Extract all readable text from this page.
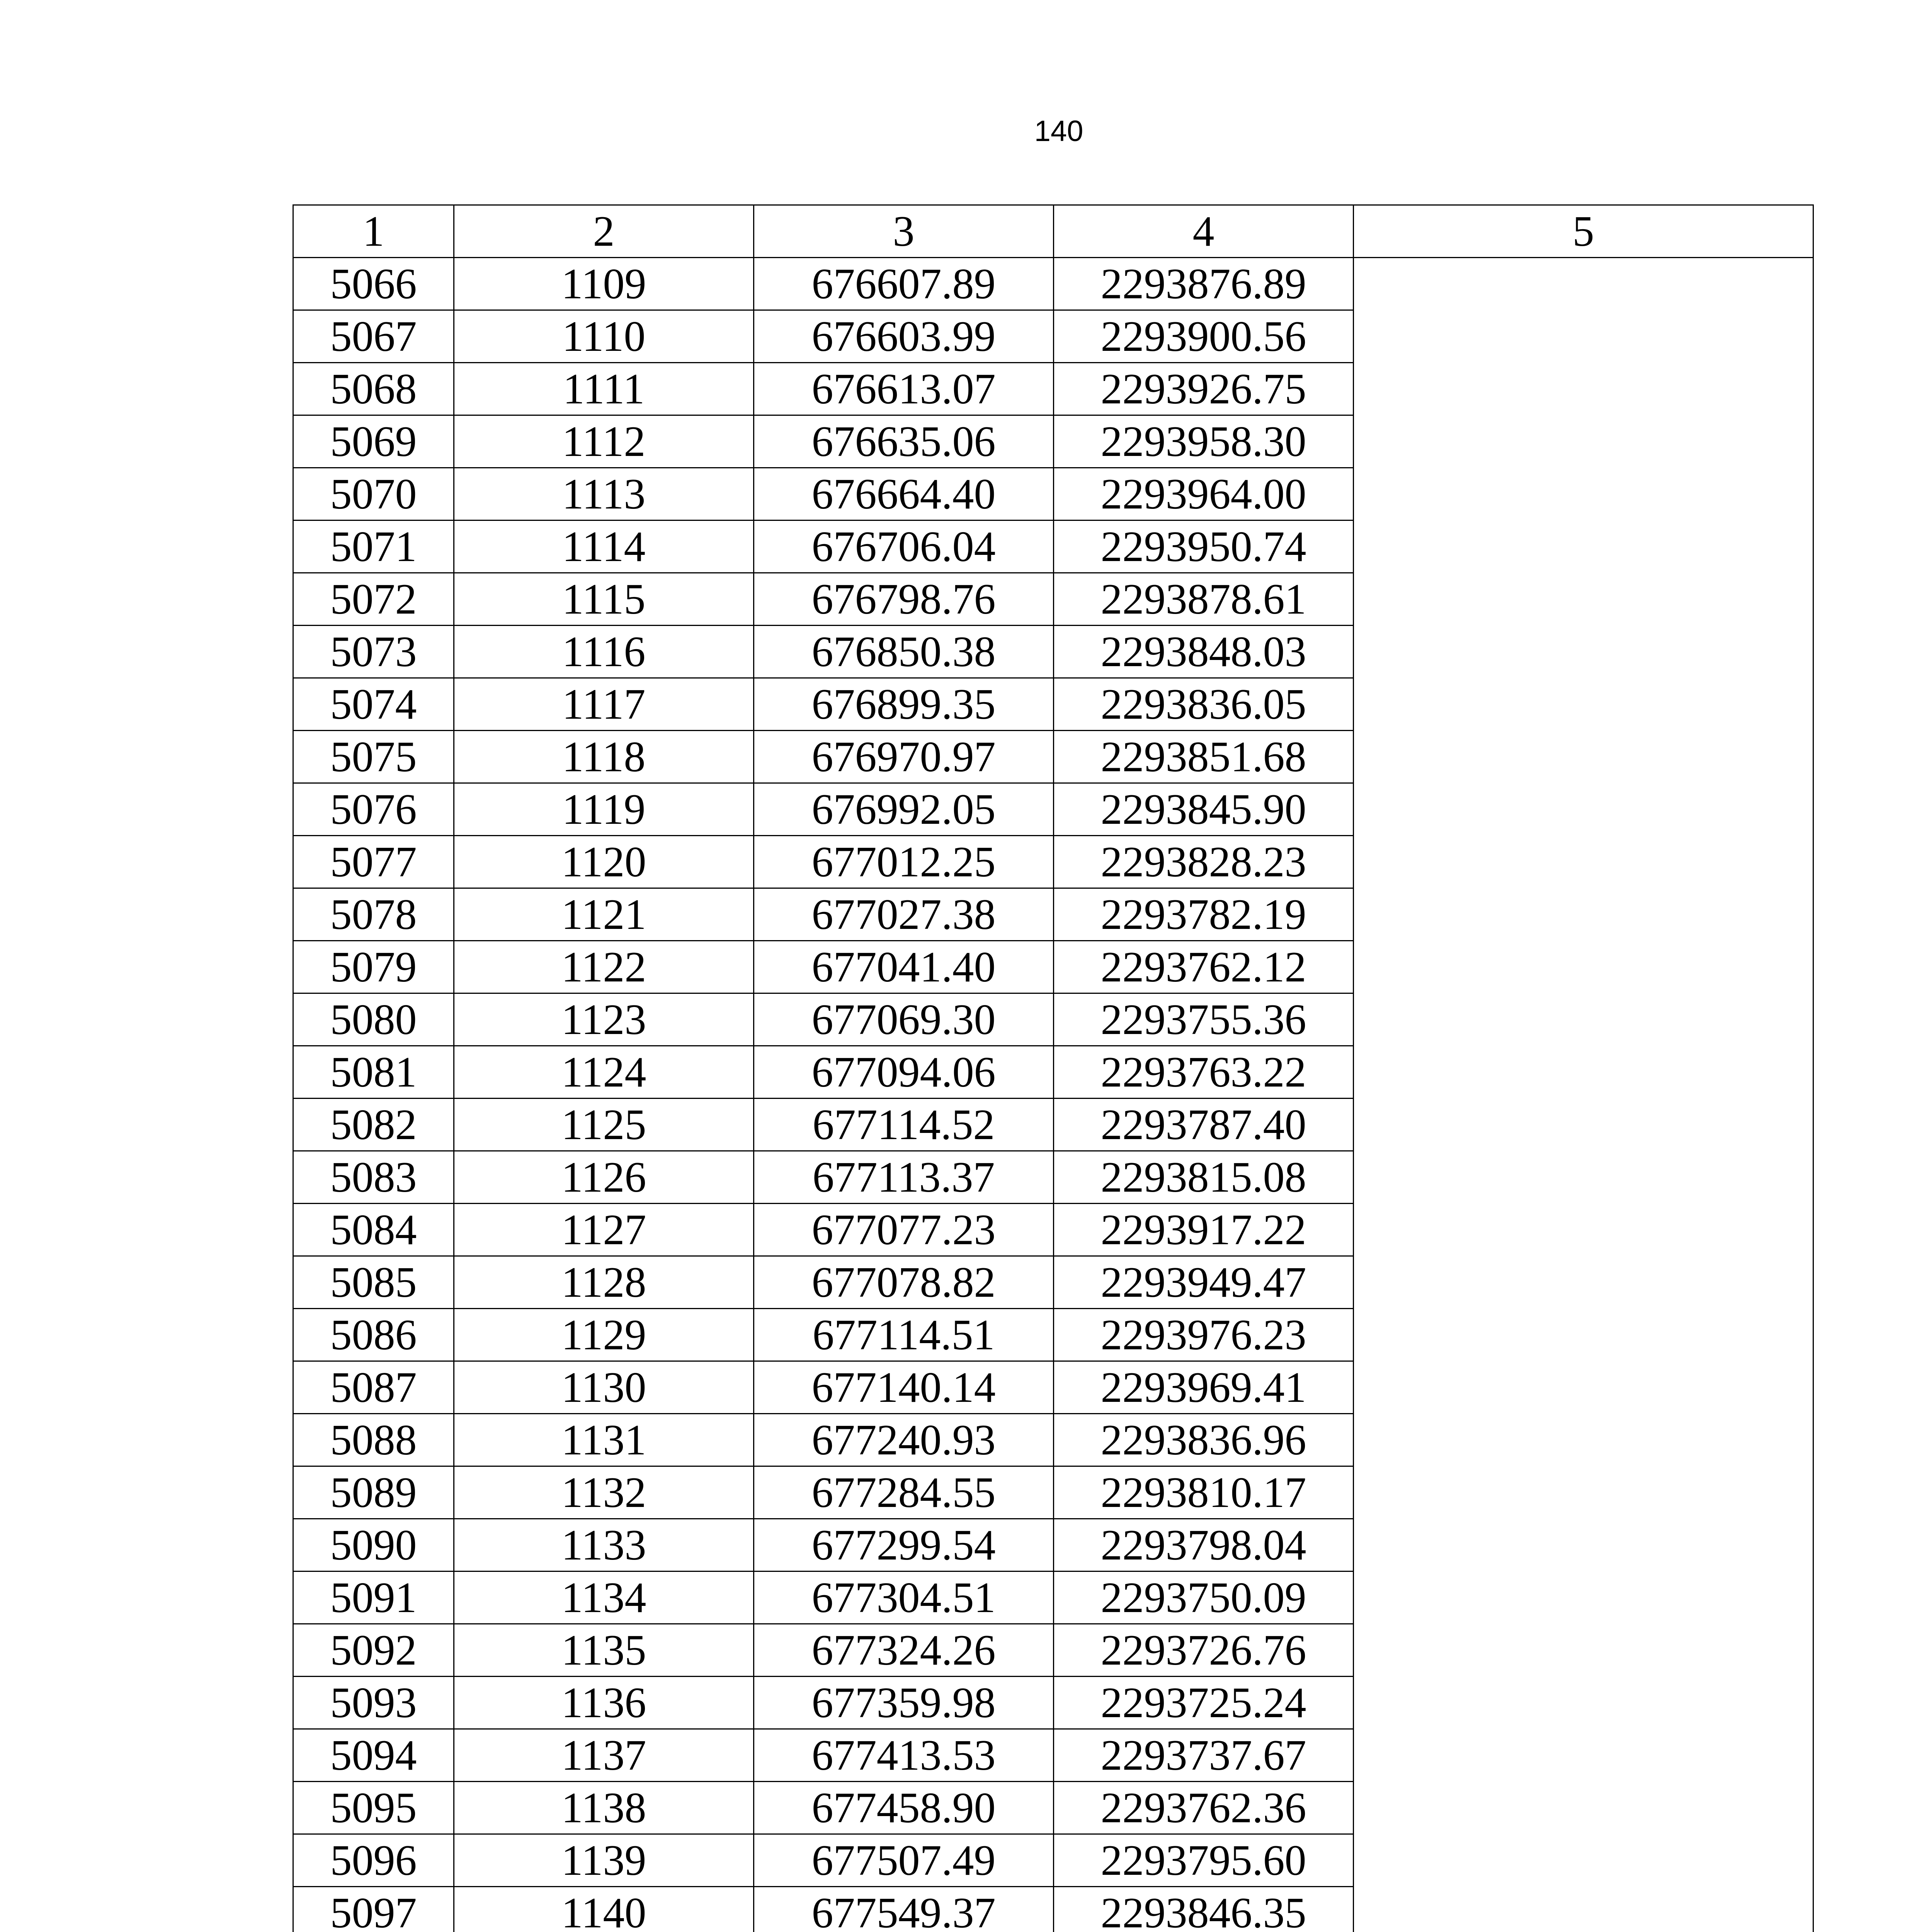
140
1	2	3	4	5
5066	1109	676607.89	2293876.89	
5067	1110	676603.99	2293900.56	
5068	1111	676613.07	2293926.75	
5069	1112	676635.06	2293958.30	
5070	1113	676664.40	2293964.00	
5071	1114	676706.04	2293950.74	
5072	1115	676798.76	2293878.61	
5073	1116	676850.38	2293848.03	
5074	1117	676899.35	2293836.05	
5075	1118	676970.97	2293851.68	
5076	1119	676992.05	2293845.90	
5077	1120	677012.25	2293828.23	
5078	1121	677027.38	2293782.19	
5079	1122	677041.40	2293762.12	
5080	1123	677069.30	2293755.36	
5081	1124	677094.06	2293763.22	
5082	1125	677114.52	2293787.40	
5083	1126	677113.37	2293815.08	
5084	1127	677077.23	2293917.22	
5085	1128	677078.82	2293949.47	
5086	1129	677114.51	2293976.23	
5087	1130	677140.14	2293969.41	
5088	1131	677240.93	2293836.96	
5089	1132	677284.55	2293810.17	
5090	1133	677299.54	2293798.04	
5091	1134	677304.51	2293750.09	
5092	1135	677324.26	2293726.76	
5093	1136	677359.98	2293725.24	
5094	1137	677413.53	2293737.67	
5095	1138	677458.90	2293762.36	
5096	1139	677507.49	2293795.60	
5097	1140	677549.37	2293846.35	
